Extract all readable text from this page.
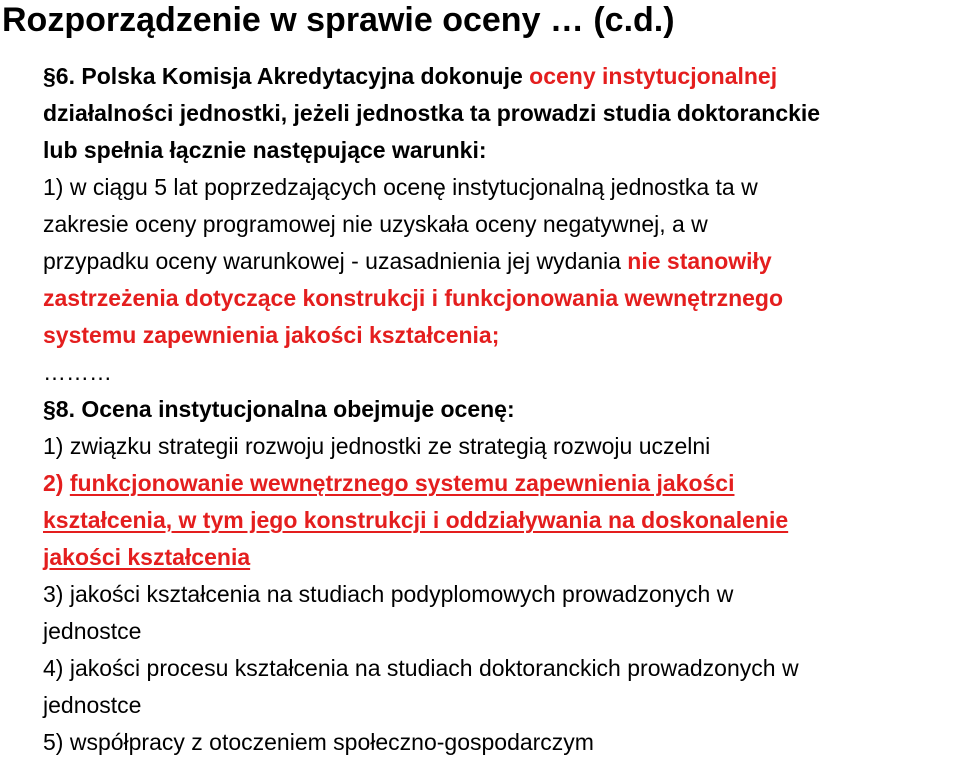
Rozporządzenie w sprawie oceny … (c.d.)
§6. Polska Komisja Akredytacyjna dokonuje oceny instytucjonalnej
działalności jednostki, jeżeli jednostka ta prowadzi studia doktoranckie
lub spełnia łącznie następujące warunki:
1) w ciągu 5 lat poprzedzających ocenę instytucjonalną jednostka ta w
zakresie oceny programowej nie uzyskała oceny negatywnej, a w
przypadku oceny warunkowej - uzasadnienia jej wydania nie stanowiły
zastrzeżenia dotyczące konstrukcji i funkcjonowania wewnętrznego
systemu zapewnienia jakości kształcenia;
………
§8. Ocena instytucjonalna obejmuje ocenę:
1) związku strategii rozwoju jednostki ze strategią rozwoju uczelni
2) funkcjonowanie wewnętrznego systemu zapewnienia jakości
kształcenia, w tym jego konstrukcji i oddziaływania na doskonalenie
jakości kształcenia
3) jakości kształcenia na studiach podyplomowych prowadzonych w
jednostce
4) jakości procesu kształcenia na studiach doktoranckich prowadzonych w
jednostce
5) współpracy z otoczeniem społeczno-gospodarczym
